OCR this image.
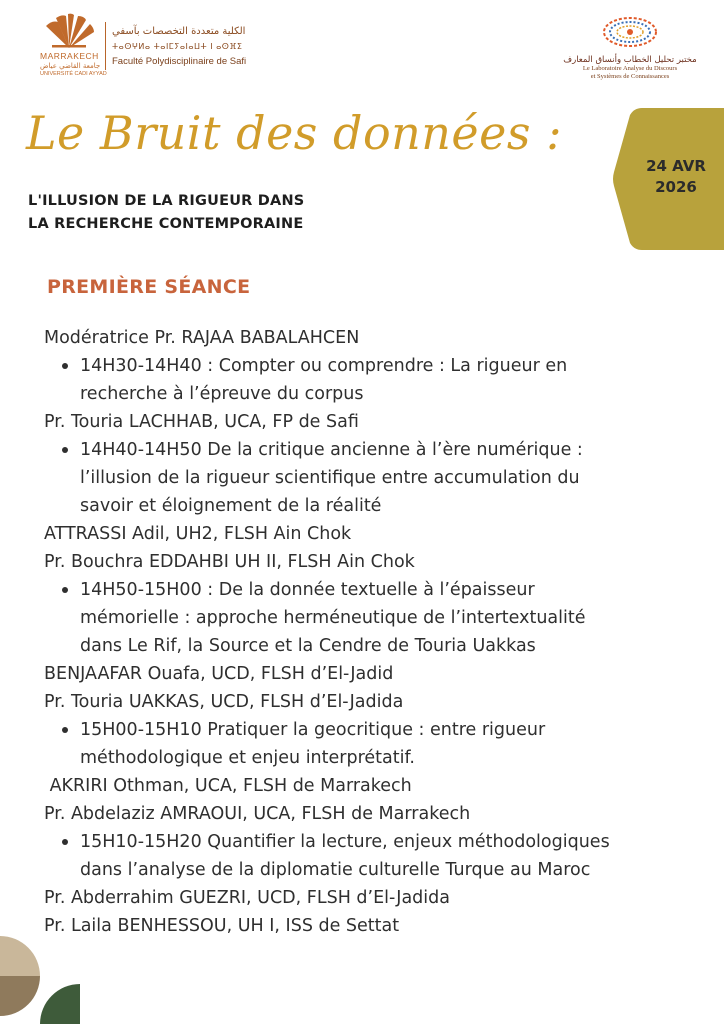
MARRAKECH
جامعة القاضي عياض
UNIVERSITÉ CADI AYYAD
الكلية متعددة التخصصات بآسفي
ⵜⴰⵙⵖⵍⴰ ⵜⴰⵏⵎⵢⴰⵏⴰⵡⵜ ⵏ ⴰⵙⴼⵉ
Faculté Polydisciplinaire de Safi	مختبر تحليل الخطاب وأنساق المعارف
Le Laboratoire Analyse du Discours
et Systèmes de Connaissances
Le Bruit des données :
L'ILLUSION DE LA RIGUEUR DANS
LA RECHERCHE CONTEMPORAINE
24 AVR
2026
PREMIÈRE SÉANCE
Modératrice Pr. RAJAA BABALAHCEN
14H30-14H40 : Compter ou comprendre : La rigueur en
recherche à l’épreuve du corpus
Pr. Touria LACHHAB, UCA, FP de Safi
14H40-14H50 De la critique ancienne à l’ère numérique :
l’illusion de la rigueur scientifique entre accumulation du
savoir et éloignement de la réalité
ATTRASSI Adil, UH2, FLSH Ain Chok
Pr. Bouchra EDDAHBI UH II, FLSH Ain Chok
14H50-15H00 : De la donnée textuelle à l’épaisseur
mémorielle : approche herméneutique de l’intertextualité
dans Le Rif, la Source et la Cendre de Touria Uakkas
BENJAAFAR Ouafa, UCD, FLSH d’El-Jadid
Pr. Touria UAKKAS, UCD, FLSH d’El-Jadida
15H00-15H10 Pratiquer la geocritique : entre rigueur
méthodologique et enjeu interprétatif.
AKRIRI Othman, UCA, FLSH de Marrakech
Pr. Abdelaziz AMRAOUI, UCA, FLSH de Marrakech
15H10-15H20 Quantifier la lecture, enjeux méthodologiques
dans l’analyse de la diplomatie culturelle Turque au Maroc
Pr. Abderrahim GUEZRI, UCD, FLSH d’El-Jadida
Pr. Laila BENHESSOU, UH I, ISS de Settat
